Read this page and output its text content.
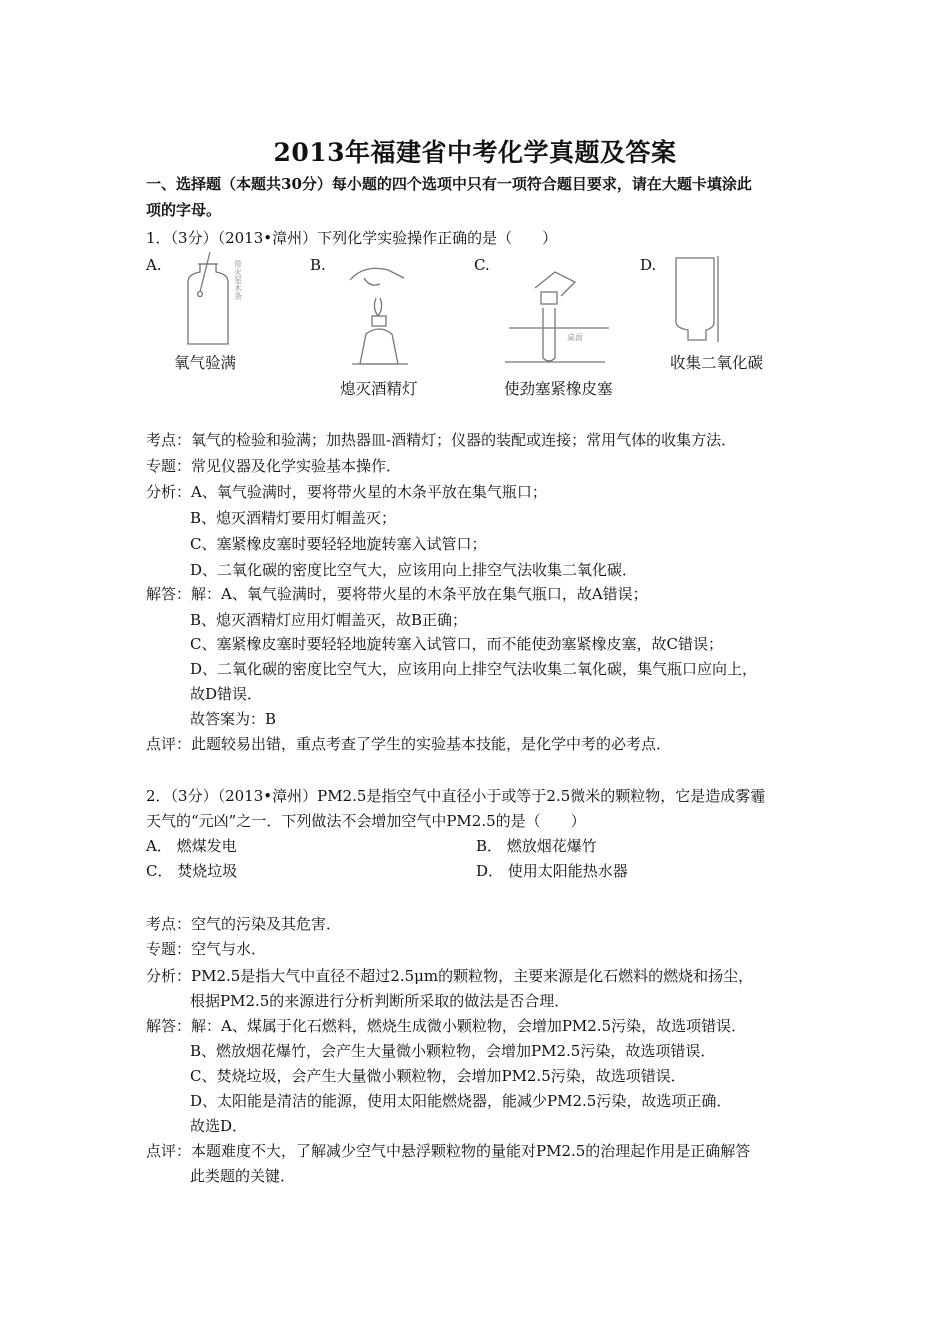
2013年福建省中考化学真题及答案
一、选择题（本题共30分）每小题的四个选项中只有一项符合题目要求，请在大题卡填涂此
项的字母。
1．（3分）（2013•漳州）下列化学实验操作正确的是（　　）
A.	B.	C.	D.
带火星木条
桌面
氧气验满
熄灭酒精灯	使劲塞紧橡皮塞
收集二氧化碳
考点：氧气的检验和验满；加热器皿-酒精灯；仪器的装配或连接；常用气体的收集方法．
专题：常见仪器及化学实验基本操作．
分析：A、氧气验满时，要将带火星的木条平放在集气瓶口；
B、熄灭酒精灯要用灯帽盖灭；
C、塞紧橡皮塞时要轻轻地旋转塞入试管口；
D、二氧化碳的密度比空气大，应该用向上排空气法收集二氧化碳．
解答：解：A、氧气验满时，要将带火星的木条平放在集气瓶口，故A错误；
B、熄灭酒精灯应用灯帽盖灭，故B正确；
C、塞紧橡皮塞时要轻轻地旋转塞入试管口，而不能使劲塞紧橡皮塞，故C错误；
D、二氧化碳的密度比空气大，应该用向上排空气法收集二氧化碳，集气瓶口应向上，
故D错误．
故答案为：B
点评：此题较易出错，重点考查了学生的实验基本技能，是化学中考的必考点．
2．（3分）（2013•漳州）PM2.5是指空气中直径小于或等于2.5微米的颗粒物，它是造成雾霾
天气的“元凶”之一．下列做法不会增加空气中PM2.5的是（　　）
A． 燃煤发电	B． 燃放烟花爆竹
C． 焚烧垃圾	D． 使用太阳能热水器
考点：空气的污染及其危害．
专题：空气与水．
分析：PM2.5是指大气中直径不超过2.5μm的颗粒物，主要来源是化石燃料的燃烧和扬尘，
根据PM2.5的来源进行分析判断所采取的做法是否合理．
解答：解：A、煤属于化石燃料，燃烧生成微小颗粒物，会增加PM2.5污染，故选项错误．
B、燃放烟花爆竹，会产生大量微小颗粒物，会增加PM2.5污染，故选项错误．
C、焚烧垃圾，会产生大量微小颗粒物，会增加PM2.5污染，故选项错误．
D、太阳能是清洁的能源，使用太阳能燃烧器，能减少PM2.5污染，故选项正确．
故选D．
点评：本题难度不大，了解减少空气中悬浮颗粒物的量能对PM2.5的治理起作用是正确解答
此类题的关键．
